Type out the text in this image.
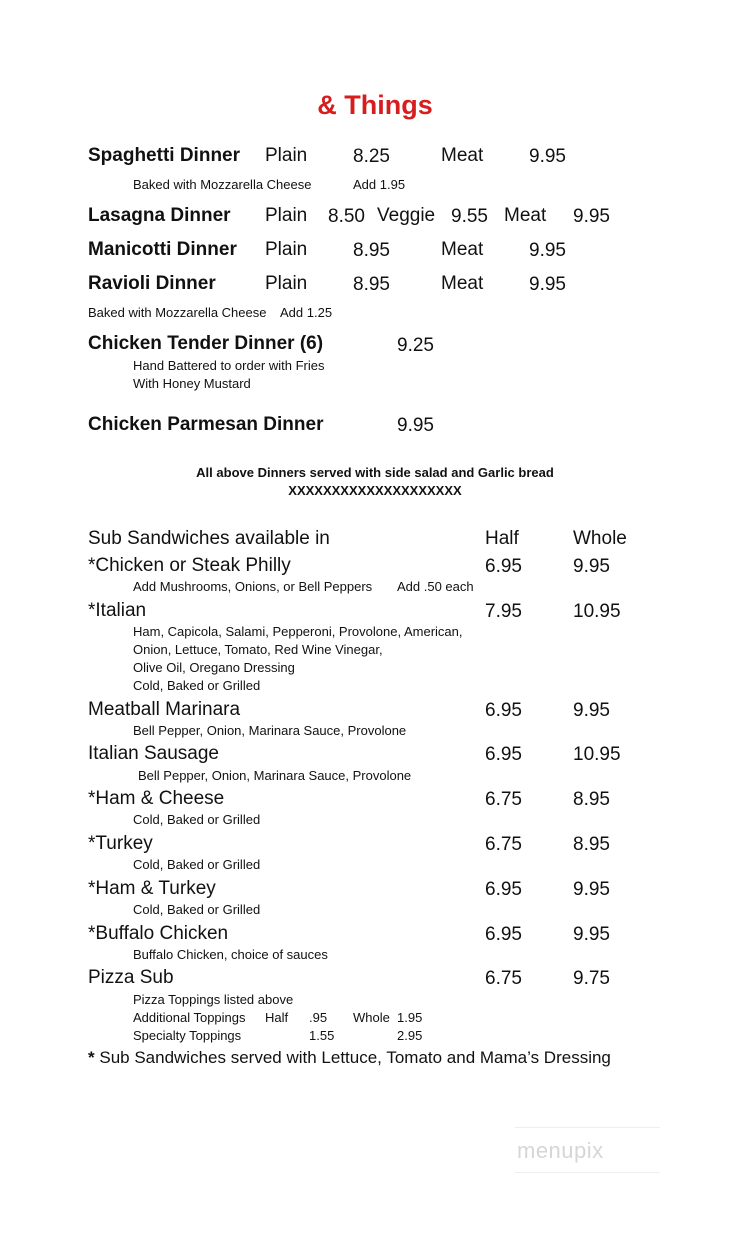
& Things
Spaghetti Dinner Plain 8.25	Meat 9.95
Baked with Mozzarella Cheese	Add 1.95
Lasagna Dinner Plain 8.50 Veggie 9.55 Meat 9.95
Manicotti Dinner Plain 8.95	Meat 9.95
Ravioli Dinner	Plain 8.95	Meat 9.95
Baked with Mozzarella Cheese Add 1.25
Chicken Tender Dinner (6)	9.25
Hand Battered to order with Fries
With Honey Mustard
Chicken Parmesan Dinner	9.95
All above Dinners served with side salad and Garlic bread
XXXXXXXXXXXXXXXXXXXX
Sub Sandwiches available in	Half	Whole
*Chicken or Steak Philly	6.95	9.95
Add Mushrooms, Onions, or Bell Peppers Add .50 each
*Italian	7.95	10.95
Ham, Capicola, Salami, Pepperoni, Provolone, American,
Onion, Lettuce, Tomato, Red Wine Vinegar,
Olive Oil, Oregano Dressing
Cold, Baked or Grilled
Meatball Marinara	6.95	9.95
Bell Pepper, Onion, Marinara Sauce, Provolone
Italian Sausage	6.95	10.95
Bell Pepper, Onion, Marinara Sauce, Provolone
*Ham & Cheese	6.75	8.95
Cold, Baked or Grilled
*Turkey	6.75	8.95
Cold, Baked or Grilled
*Ham & Turkey	6.95	9.95
Cold, Baked or Grilled
*Buffalo Chicken	6.95	9.95
Buffalo Chicken, choice of sauces
Pizza Sub	6.75	9.75
Pizza Toppings listed above
Additional Toppings Half .95 Whole 1.95
Specialty Toppings	1.55	2.95
* Sub Sandwiches served with Lettuce, Tomato and Mama’s Dressing
menupix
